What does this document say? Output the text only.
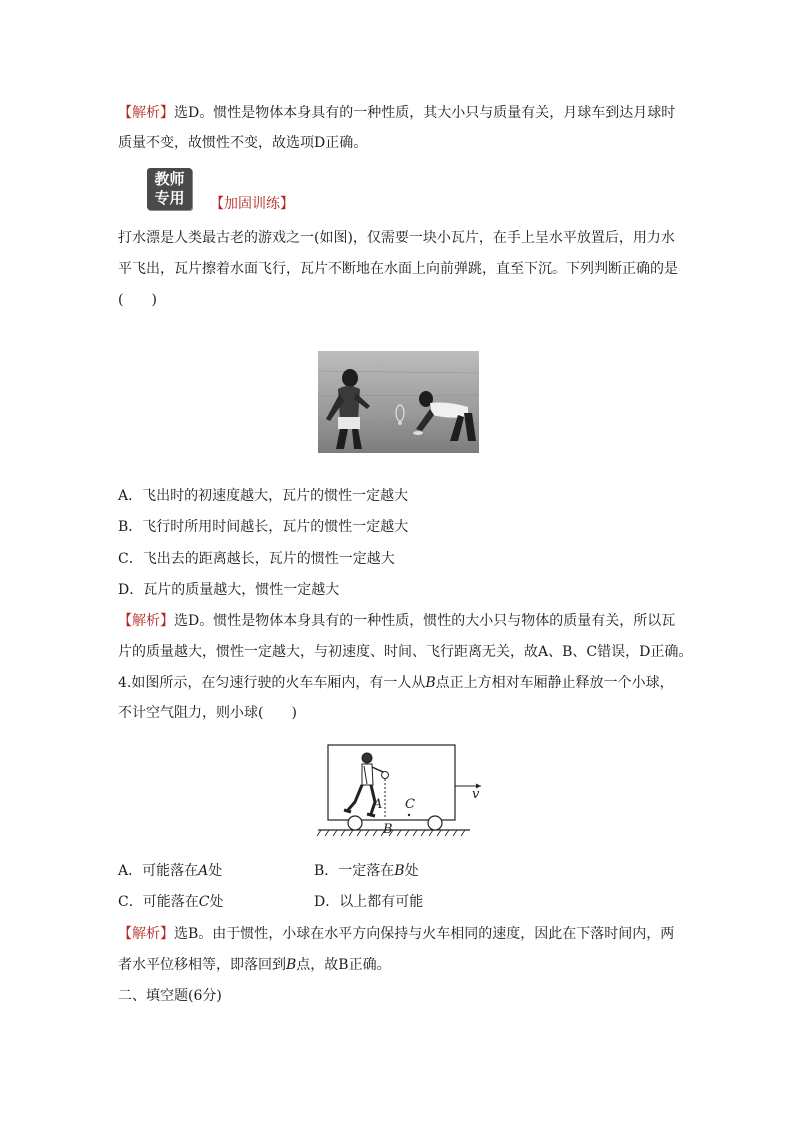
【解析】选D。惯性是物体本身具有的一种性质，其大小只与质量有关，月球车到达月球时
质量不变，故惯性不变，故选项D正确。
教师
专用	【加固训练】
打水漂是人类最古老的游戏之一(如图)，仅需要一块小瓦片，在手上呈水平放置后，用力水
平飞出，瓦片擦着水面飞行，瓦片不断地在水面上向前弹跳，直至下沉。下列判断正确的是
(　　)
A．飞出时的初速度越大，瓦片的惯性一定越大
B．飞行时所用时间越长，瓦片的惯性一定越大
C．飞出去的距离越长，瓦片的惯性一定越大
D．瓦片的质量越大，惯性一定越大
【解析】选D。惯性是物体本身具有的一种性质，惯性的大小只与物体的质量有关，所以瓦
片的质量越大，惯性一定越大，与初速度、时间、飞行距离无关，故A、B、C错误，D正确。
4.如图所示，在匀速行驶的火车车厢内，有一人从B点正上方相对车厢静止释放一个小球，
不计空气阻力，则小球(　　)
A C
B
v
A．可能落在A处	B．一定落在B处
C．可能落在C处	D．以上都有可能
【解析】选B。由于惯性，小球在水平方向保持与火车相同的速度，因此在下落时间内，两
者水平位移相等，即落回到B点，故B正确。
二、填空题(6分)
